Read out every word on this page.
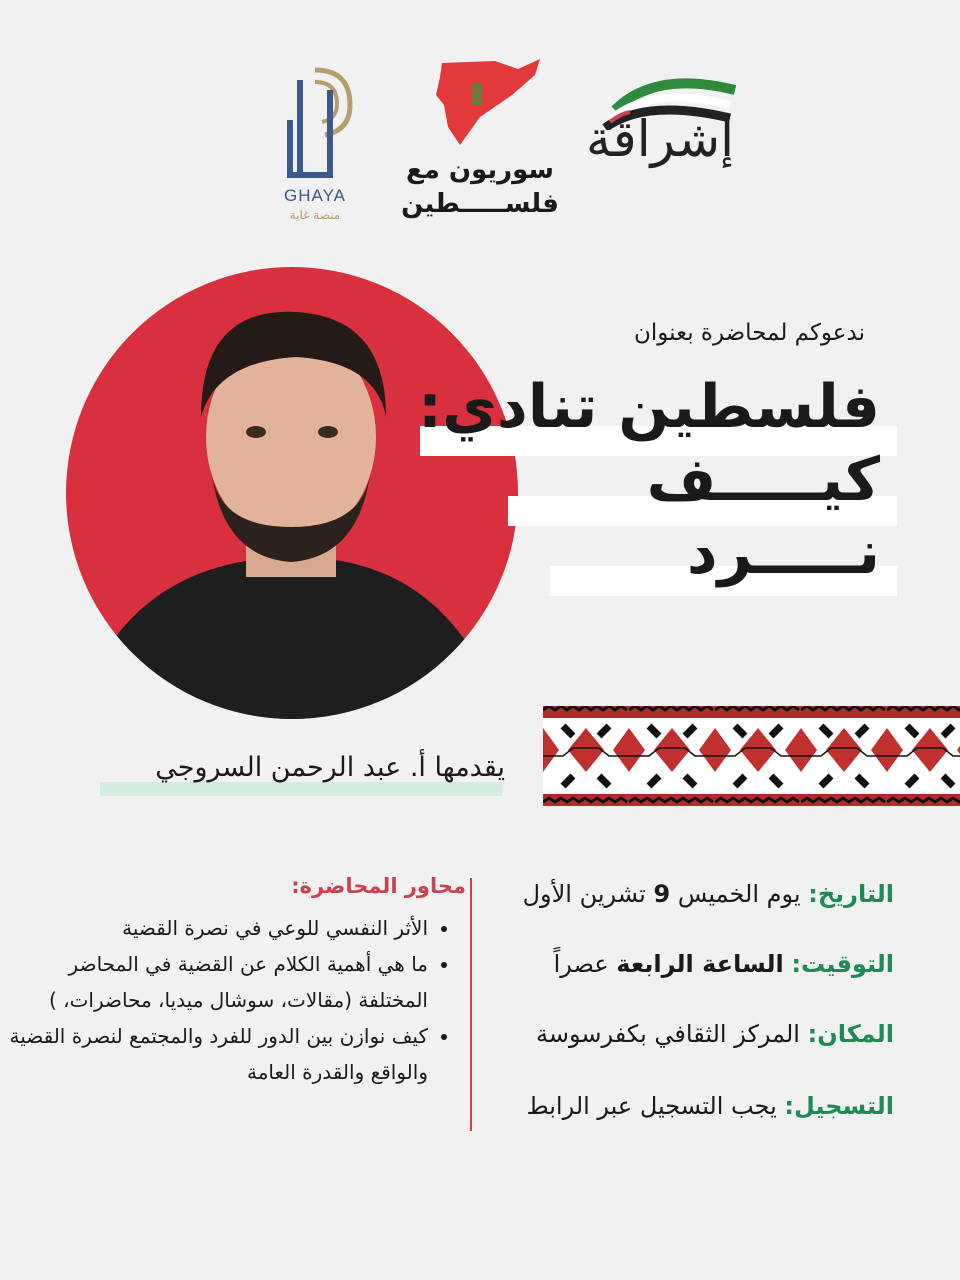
GHAYA
منصة غاية
سوريون مع
فلســـــطين
إشراقة
ندعوكم لمحاضرة بعنوان
فلسطين تنادي:
كيـــــف
نـــــرد
يقدمها أ. عبد الرحمن السروجي
التاريخ: يوم الخميس 9 تشرين الأول
التوقيت: الساعة الرابعة عصراً
المكان: المركز الثقافي بكفرسوسة
التسجيل: يجب التسجيل عبر الرابط
محاور المحاضرة:
• الأثر النفسي للوعي في نصرة القضية
• ما هي أهمية الكلام عن القضية في المحاضر المختلفة (مقالات، سوشال ميديا، محاضرات، )
• كيف نوازن بين الدور للفرد والمجتمع لنصرة القضية والواقع والقدرة العامة
